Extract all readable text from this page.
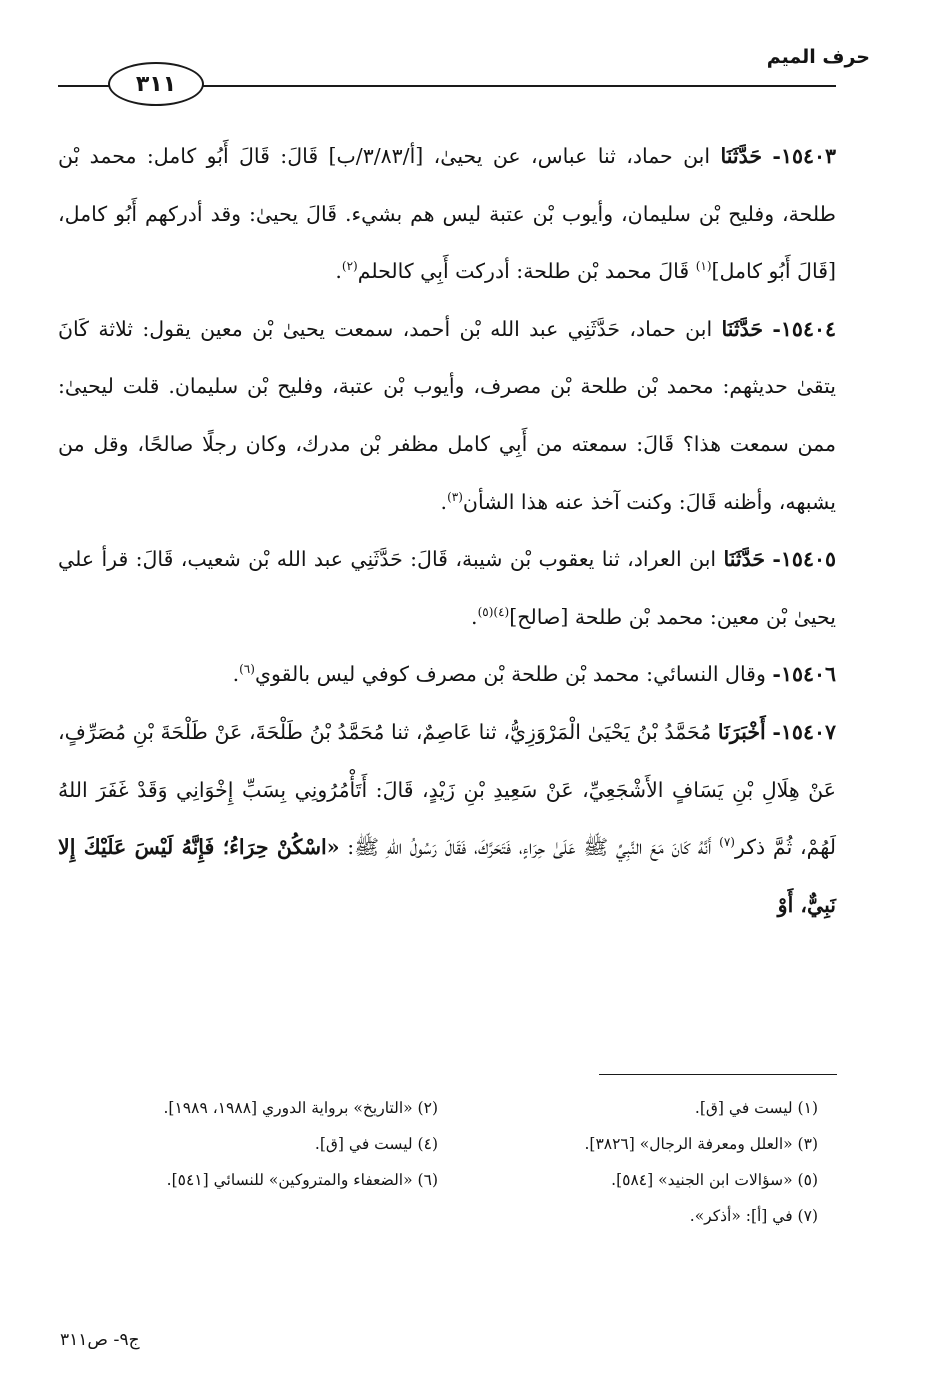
حرف الميم
٣١١

١٥٤٠٣- حَدَّثَنَا ابن حماد، ثنا عباس، عن يحيىٰ، [أ/٣/٨٣/ب] قَالَ: قَالَ أَبُو كامل: محمد بْن طلحة، وفليح بْن سليمان، وأيوب بْن عتبة ليس هم بشيء. قَالَ يحيىٰ: وقد أدركهم أَبُو كامل، [قَالَ أَبُو كامل]$^{(١)}$ قَالَ محمد بْن طلحة: أدركت أَبِي كالحلم$^{(٢)}$.

١٥٤٠٤- حَدَّثَنَا ابن حماد، حَدَّثَنِي عبد الله بْن أحمد، سمعت يحيىٰ بْن معين يقول: ثلاثة كَانَ يتقىٰ حديثهم: محمد بْن طلحة بْن مصرف، وأيوب بْن عتبة، وفليح بْن سليمان. قلت ليحيىٰ: ممن سمعت هذا؟ قَالَ: سمعته من أَبِي كامل مظفر بْن مدرك، وكان رجلًا صالحًا، وقل من يشبهه، وأظنه قَالَ: وكنت آخذ عنه هذا الشأن$^{(٣)}$.

١٥٤٠٥- حَدَّثَنَا ابن العراد، ثنا يعقوب بْن شيبة، قَالَ: حَدَّثَنِي عبد الله بْن شعيب، قَالَ: قرأ علي يحيىٰ بْن معين: محمد بْن طلحة [صالح]$^{(٤)(٥)}$.

١٥٤٠٦- وقال النسائي: محمد بْن طلحة بْن مصرف كوفي ليس بالقوي$^{(٦)}$.

١٥٤٠٧- أَخْبَرَنَا مُحَمَّدُ بْنُ يَحْيَىٰ الْمَرْوَزِيُّ، ثنا عَاصِمٌ، ثنا مُحَمَّدُ بْنُ طَلْحَةَ، عَنْ طَلْحَةَ بْنِ مُصَرِّفٍ، عَنْ هِلَالِ بْنِ يَسَافٍ الأَشْجَعِيِّ، عَنْ سَعِيدِ بْنِ زَيْدٍ، قَالَ: أَتَأْمُرُونِي بِسَبِّ إِخْوَانِي وَقَدْ غَفَرَ اللهُ لَهُمْ، ثُمَّ ذكر$^{(٧)}$ أَنَّهُ كَانَ مَعَ النَّبِيِّ ﷺ عَلَىٰ حِرَاءٍ، فَتَحَرَّكَ، فَقَالَ رَسُولُ اللهِ ﷺ: «اسْكُنْ حِرَاءُ؛ فَإِنَّهُ لَيْسَ عَلَيْكَ إِلا نَبِيٌّ، أَوْ

(١) ليست في [ق].
(٢) «التاريخ» برواية الدوري [١٩٨٨، ١٩٨٩].
(٣) «العلل ومعرفة الرجال» [٣٨٢٦].
(٤) ليست في [ق].
(٥) «سؤالات ابن الجنيد» [٥٨٤].
(٦) «الضعفاء والمتروكين» للنسائي [٥٤١].
(٧) في [أ]: «أذكر».
ج٩- ص٣١١
